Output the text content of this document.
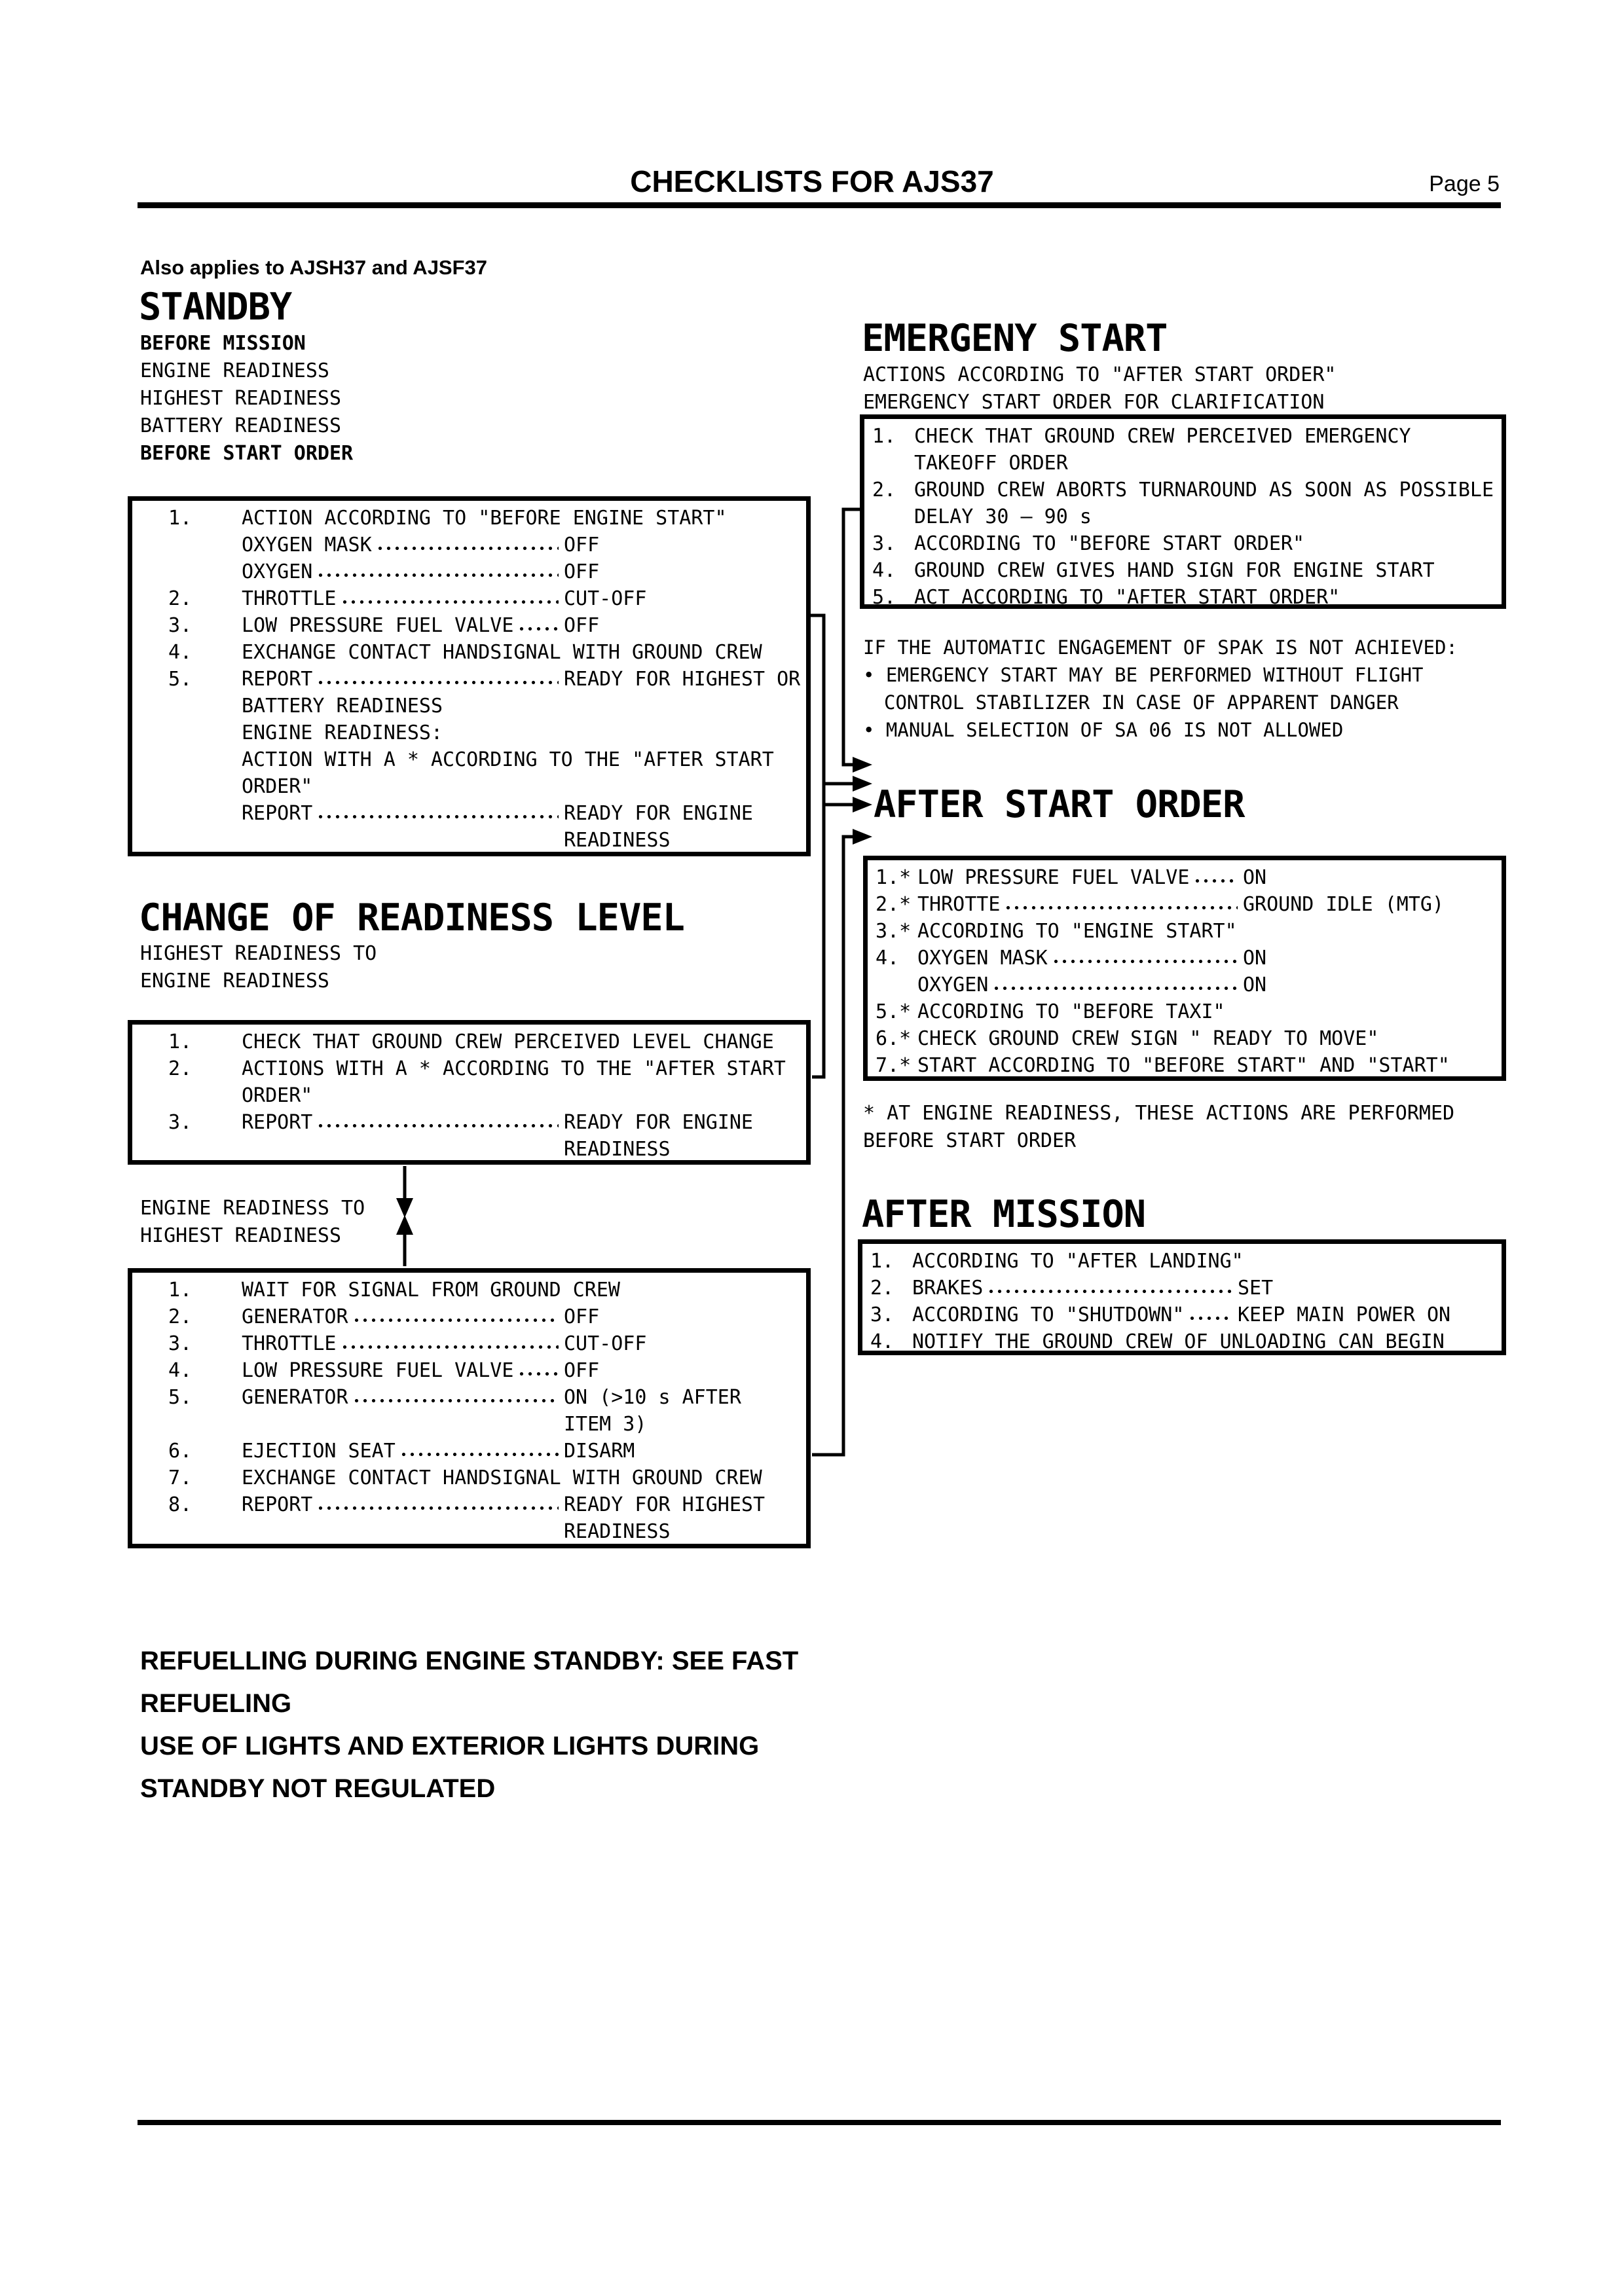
CHECKLISTS FOR AJS37	Page 5
Also applies to AJSH37 and AJSF37
STANDBY
BEFORE MISSION
ENGINE READINESS
HIGHEST READINESS
BATTERY READINESS
BEFORE START ORDER
1.	ACTION ACCORDING TO "BEFORE ENGINE START"
OXYGEN MASK	OFF
OXYGEN	OFF
2.	THROTTLE	CUT-OFF
3.	LOW PRESSURE FUEL VALVE	OFF
4.	EXCHANGE CONTACT HANDSIGNAL WITH GROUND CREW
5.	REPORT	READY FOR HIGHEST OR
BATTERY READINESS
ENGINE READINESS:
ACTION WITH A * ACCORDING TO THE "AFTER START
ORDER"
REPORT	READY FOR ENGINE
READINESS
CHANGE OF READINESS LEVEL
HIGHEST READINESS TO
ENGINE READINESS
1.	CHECK THAT GROUND CREW PERCEIVED LEVEL CHANGE
2.	ACTIONS WITH A * ACCORDING TO THE "AFTER START
ORDER"
3.	REPORT	READY FOR ENGINE
READINESS
ENGINE READINESS TO
HIGHEST READINESS
1.	WAIT FOR SIGNAL FROM GROUND CREW
2.	GENERATOR	OFF
3.	THROTTLE	CUT-OFF
4.	LOW PRESSURE FUEL VALVE	OFF
5.	GENERATOR	ON (>10 s AFTER
ITEM 3)
6.	EJECTION SEAT	DISARM
7.	EXCHANGE CONTACT HANDSIGNAL WITH GROUND CREW
8.	REPORT	READY FOR HIGHEST
READINESS
REFUELLING DURING ENGINE STANDBY: SEE FAST
REFUELING
USE OF LIGHTS AND EXTERIOR LIGHTS DURING
STANDBY NOT REGULATED
EMERGENY START
ACTIONS ACCORDING TO "AFTER START ORDER"
EMERGENCY START ORDER FOR CLARIFICATION
1. CHECK THAT GROUND CREW PERCEIVED EMERGENCY
TAKEOFF ORDER
2. GROUND CREW ABORTS TURNAROUND AS SOON AS POSSIBLE
DELAY 30 – 90 s
3. ACCORDING TO "BEFORE START ORDER"
4. GROUND CREW GIVES HAND SIGN FOR ENGINE START
5. ACT ACCORDING TO "AFTER START ORDER"
IF THE AUTOMATIC ENGAGEMENT OF SPAK IS NOT ACHIEVED:
• EMERGENCY START MAY BE PERFORMED WITHOUT FLIGHT
CONTROL STABILIZER IN CASE OF APPARENT DANGER
• MANUAL SELECTION OF SA 06 IS NOT ALLOWED
AFTER START ORDER
1.* LOW PRESSURE FUEL VALVE	ON
2.* THROTTE	GROUND IDLE (MTG)
3.* ACCORDING TO "ENGINE START"
4. OXYGEN MASK	ON
OXYGEN	ON
5.* ACCORDING TO "BEFORE TAXI"
6.* CHECK GROUND CREW SIGN " READY TO MOVE"
7.* START ACCORDING TO "BEFORE START" AND "START"
* AT ENGINE READINESS, THESE ACTIONS ARE PERFORMED
BEFORE START ORDER
AFTER MISSION
1. ACCORDING TO "AFTER LANDING"
2. BRAKES	SET
3. ACCORDING TO "SHUTDOWN"	KEEP MAIN POWER ON
4. NOTIFY THE GROUND CREW OF UNLOADING CAN BEGIN
